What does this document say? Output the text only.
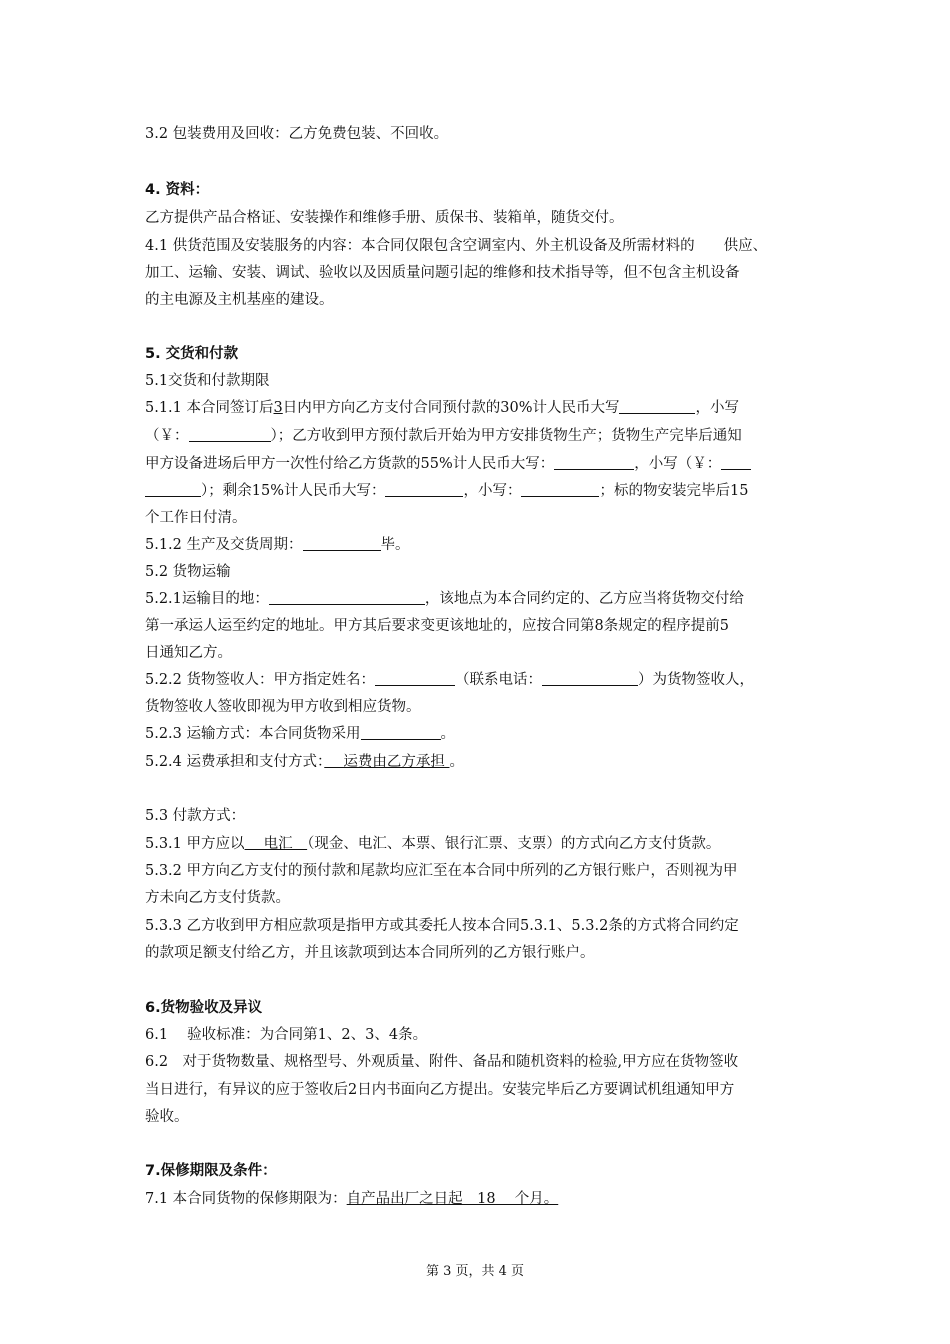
3.2 包装费用及回收：乙方免费包装、不回收。
4. 资料：
乙方提供产品合格证、安装操作和维修手册、质保书、装箱单，随货交付。
4.1 供货范围及安装服务的内容：本合同仅限包含空调室内、外主机设备及所需材料的　　供应、
加工、运输、安装、调试、验收以及因质量问题引起的维修和技术指导等，但不包含主机设备
的主电源及主机基座的建设。
5. 交货和付款
5.1交货和付款期限
5.1.1 本合同签订后3日内甲方向乙方支付合同预付款的30%计人民币大写	，小写
（￥：	）；乙方收到甲方预付款后开始为甲方安排货物生产；货物生产完毕后通知
甲方设备进场后甲方一次性付给乙方货款的55%计人民币大写：	，小写（￥：
）；剩余15%计人民币大写：	，小写：	；标的物安装完毕后15
个工作日付清。
5.1.2 生产及交货周期：	毕。
5.2 货物运输
5.2.1运输目的地：	，该地点为本合同约定的、乙方应当将货物交付给
第一承运人运至约定的地址。甲方其后要求变更该地址的，应按合同第8条规定的程序提前5
日通知乙方。
5.2.2 货物签收人：甲方指定姓名：	（联系电话：	）为货物签收人，
货物签收人签收即视为甲方收到相应货物。
5.2.3 运输方式：本合同货物采用	。
5.2.4 运费承担和支付方式：　 运费由乙方承担 。
5.3 付款方式：
5.3.1 甲方应以　 电汇　（现金、电汇、本票、银行汇票、支票）的方式向乙方支付货款。
5.3.2 甲方向乙方支付的预付款和尾款均应汇至在本合同中所列的乙方银行账户，否则视为甲
方未向乙方支付货款。
5.3.3 乙方收到甲方相应款项是指甲方或其委托人按本合同5.3.1、5.3.2条的方式将合同约定
的款项足额支付给乙方，并且该款项到达本合同所列的乙方银行账户。
6.货物验收及异议
6.1　 验收标准：为合同第1、2、3、4条。
6.2　对于货物数量、规格型号、外观质量、附件、备品和随机资料的检验,甲方应在货物签收
当日进行，有异议的应于签收后2日内书面向乙方提出。安装完毕后乙方要调试机组通知甲方
验收。
7.保修期限及条件：
7.1 本合同货物的保修期限为：自产品出厂之日起　18　 个月。
第 3 页，共 4 页
